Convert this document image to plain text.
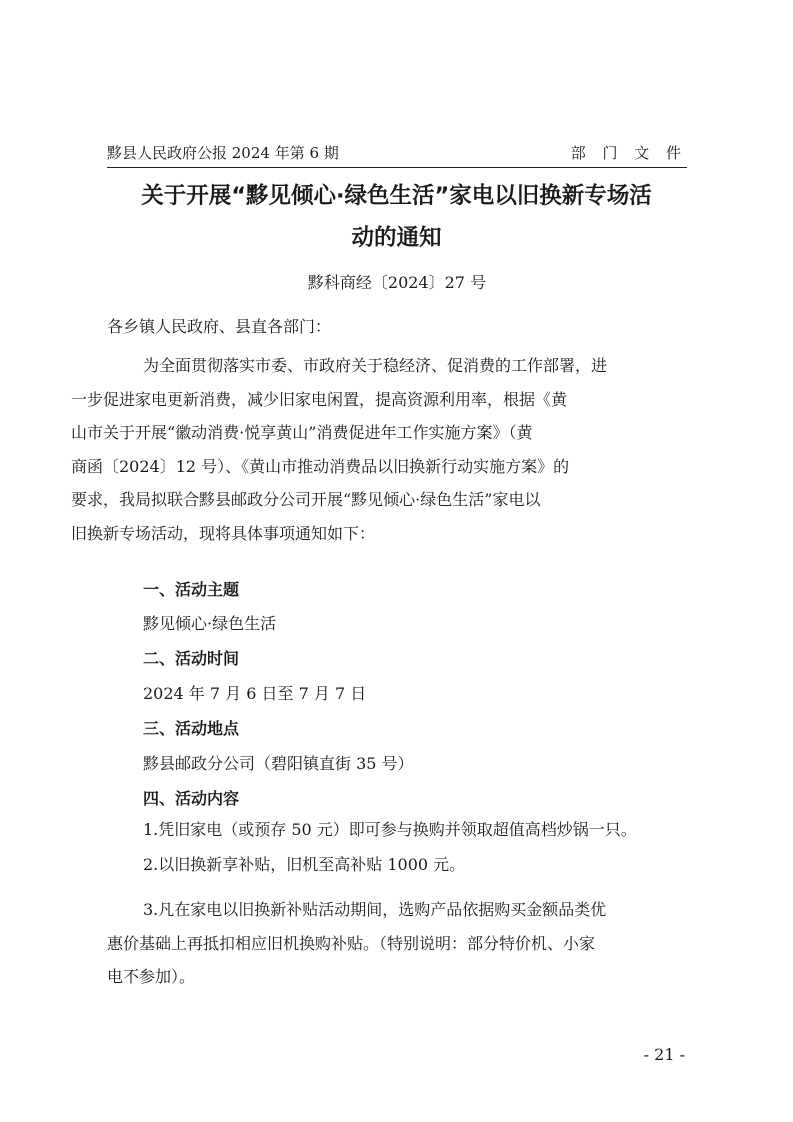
黟县人民政府公报 2024 年第 6 期	部 门 文 件
关于开展“黟见倾心·绿色生活”家电以旧换新专场活
动的通知
黟科商经〔2024〕27 号
各乡镇人民政府、县直各部门：
为全面贯彻落实市委、市政府关于稳经济、促消费的工作部署，进
一步促进家电更新消费，减少旧家电闲置，提高资源利用率，根据《黄
山市关于开展“徽动消费·悦享黄山”消费促进年工作实施方案》（黄
商函〔2024〕12 号）、《黄山市推动消费品以旧换新行动实施方案》的
要求，我局拟联合黟县邮政分公司开展“黟见倾心·绿色生活”家电以
旧换新专场活动，现将具体事项通知如下：
一、活动主题
黟见倾心·绿色生活
二、活动时间
2024 年 7 月 6 日至 7 月 7 日
三、活动地点
黟县邮政分公司（碧阳镇直街 35 号）
四、活动内容
1.凭旧家电（或预存 50 元）即可参与换购并领取超值高档炒锅一只。
2.以旧换新享补贴，旧机至高补贴 1000 元。
3.凡在家电以旧换新补贴活动期间，选购产品依据购买金额品类优
惠价基础上再抵扣相应旧机换购补贴。（特别说明：部分特价机、小家
电不参加）。
- 21 -
